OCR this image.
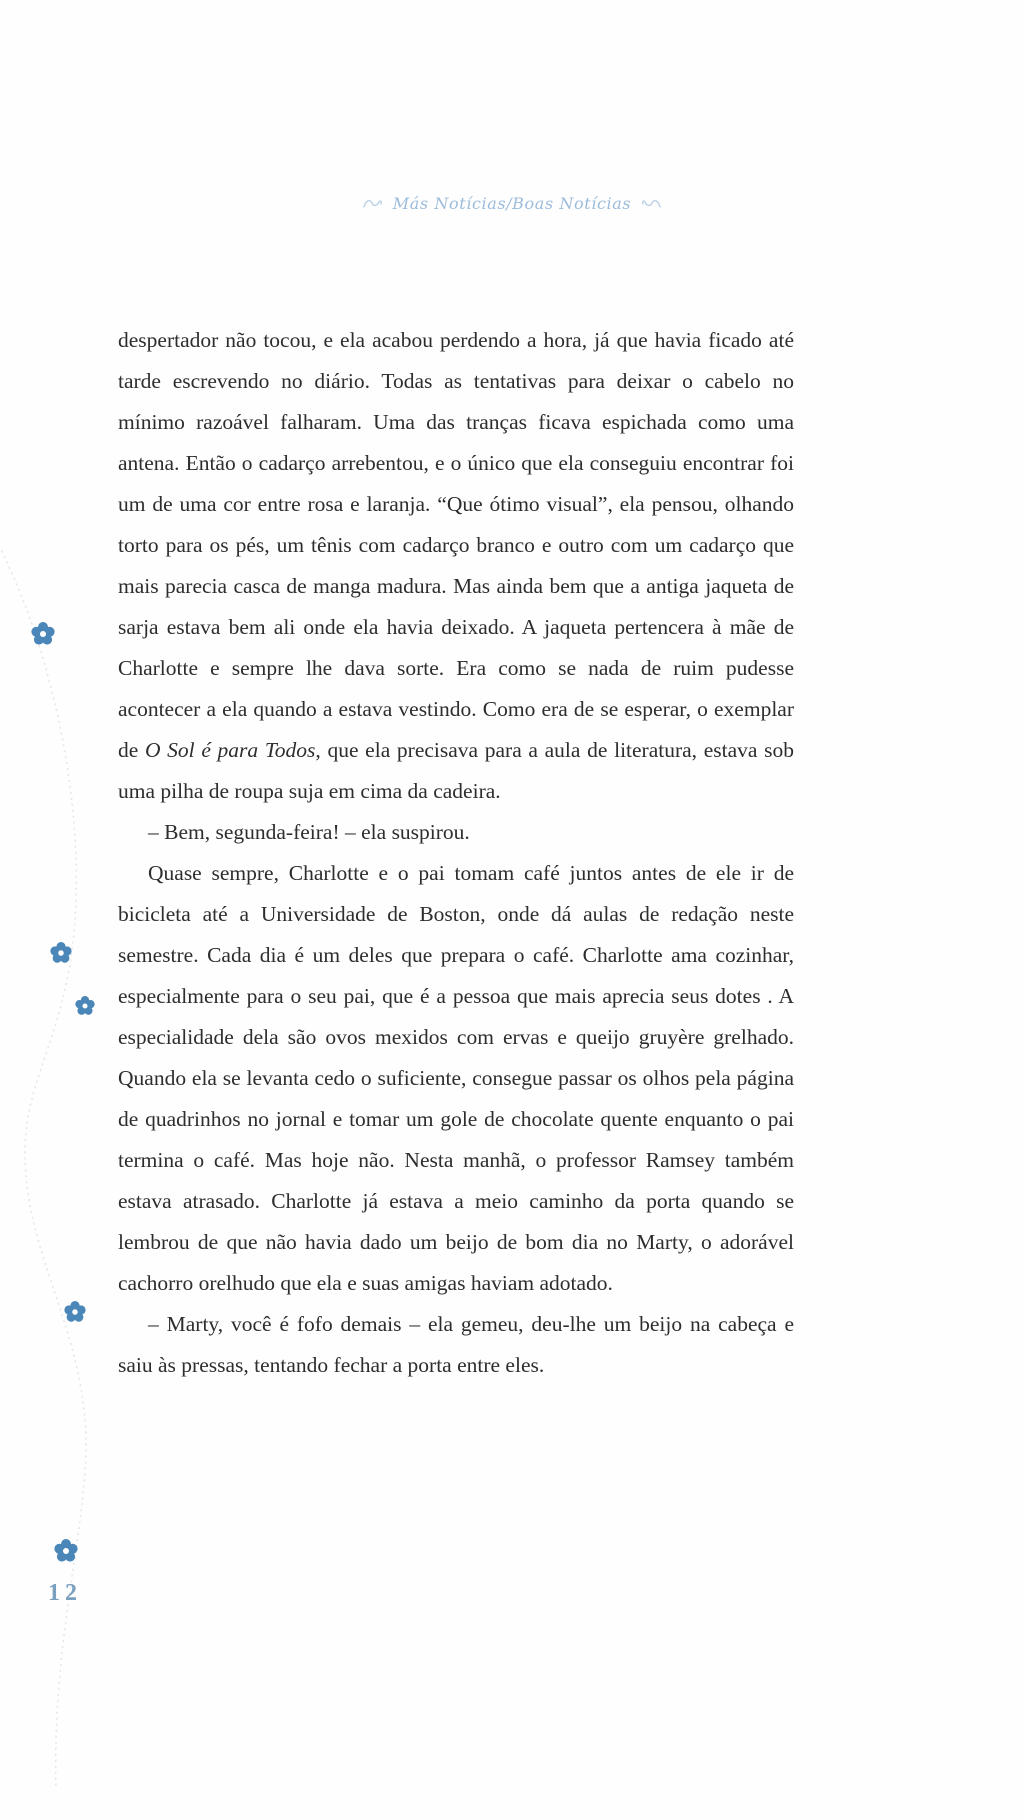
Más Notícias/Boas Notícias

despertador não tocou, e ela acabou perdendo a hora, já que havia ficado até tarde escrevendo no diário. Todas as tentativas para deixar o cabelo no mínimo razoável falharam. Uma das tranças ficava espichada como uma antena. Então o cadarço arrebentou, e o único que ela conseguiu encontrar foi um de uma cor entre rosa e laranja. “Que ótimo visual”, ela pensou, olhando torto para os pés, um tênis com cadarço branco e outro com um cadarço que mais parecia casca de manga madura. Mas ainda bem que a antiga jaqueta de sarja estava bem ali onde ela havia deixado. A jaqueta pertencera à mãe de Charlotte e sempre lhe dava sorte. Era como se nada de ruim pudesse acontecer a ela quando a estava vestindo. Como era de se esperar, o exemplar de O Sol é para Todos, que ela precisava para a aula de literatura, estava sob uma pilha de roupa suja em cima da cadeira.

– Bem, segunda-feira! – ela suspirou.

Quase sempre, Charlotte e o pai tomam café juntos antes de ele ir de bicicleta até a Universidade de Boston, onde dá aulas de redação neste semestre. Cada dia é um deles que prepara o café. Charlotte ama cozinhar, especialmente para o seu pai, que é a pessoa que mais aprecia seus dotes . A especialidade dela são ovos mexidos com ervas e queijo gruyère grelhado. Quando ela se levanta cedo o suficiente, consegue passar os olhos pela página de quadrinhos no jornal e tomar um gole de chocolate quente enquanto o pai termina o café. Mas hoje não. Nesta manhã, o professor Ramsey também estava atrasado. Charlotte já estava a meio caminho da porta quando se lembrou de que não havia dado um beijo de bom dia no Marty, o adorável cachorro orelhudo que ela e suas amigas haviam adotado.

– Marty, você é fofo demais – ela gemeu, deu-lhe um beijo na cabeça e saiu às pressas, tentando fechar a porta entre eles.

12
